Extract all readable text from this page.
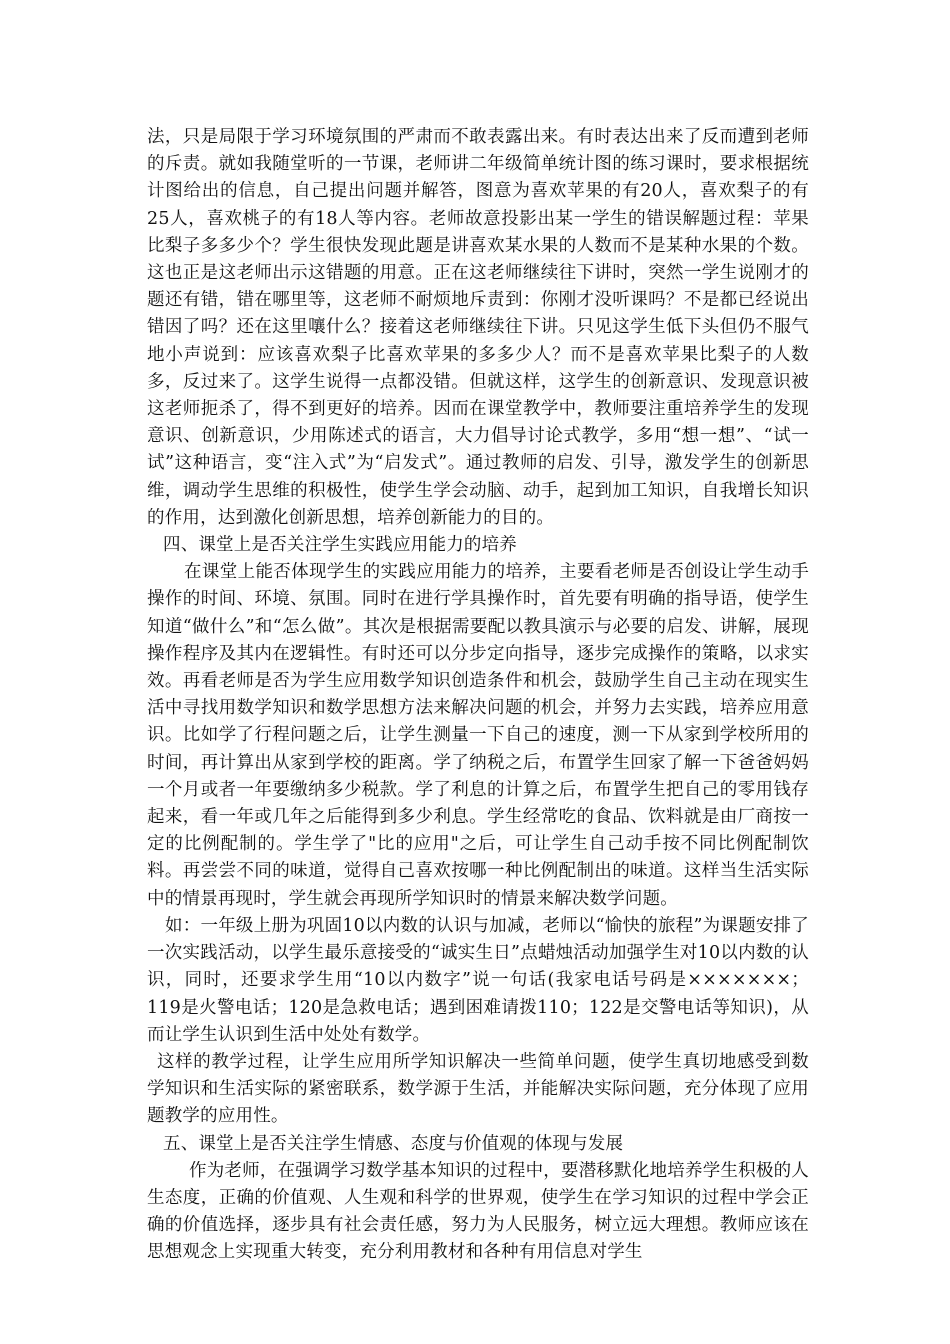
法，只是局限于学习环境氛围的严肃而不敢表露出来。有时表达出来了反而遭到老师的斥责。就如我随堂听的一节课，老师讲二年级简单统计图的练习课时，要求根据统计图给出的信息，自己提出问题并解答，图意为喜欢苹果的有20人，喜欢梨子的有25人，喜欢桃子的有18人等内容。老师故意投影出某一学生的错误解题过程：苹果比梨子多多少个？学生很快发现此题是讲喜欢某水果的人数而不是某种水果的个数。这也正是这老师出示这错题的用意。正在这老师继续往下讲时，突然一学生说刚才的题还有错，错在哪里等，这老师不耐烦地斥责到：你刚才没听课吗？不是都已经说出错因了吗？还在这里嚷什么？接着这老师继续往下讲。只见这学生低下头但仍不服气地小声说到：应该喜欢梨子比喜欢苹果的多多少人？而不是喜欢苹果比梨子的人数多，反过来了。这学生说得一点都没错。但就这样，这学生的创新意识、发现意识被这老师扼杀了，得不到更好的培养。因而在课堂教学中，教师要注重培养学生的发现意识、创新意识，少用陈述式的语言，大力倡导讨论式教学，多用“想一想”、“试一试”这种语言，变“注入式”为“启发式”。通过教师的启发、引导，激发学生的创新思维，调动学生思维的积极性，使学生学会动脑、动手，起到加工知识，自我增长知识的作用，达到激化创新思想，培养创新能力的目的。

四、课堂上是否关注学生实践应用能力的培养

在课堂上能否体现学生的实践应用能力的培养，主要看老师是否创设让学生动手操作的时间、环境、氛围。同时在进行学具操作时，首先要有明确的指导语，使学生知道“做什么”和“怎么做”。其次是根据需要配以教具演示与必要的启发、讲解，展现操作程序及其内在逻辑性。有时还可以分步定向指导，逐步完成操作的策略，以求实效。再看老师是否为学生应用数学知识创造条件和机会，鼓励学生自己主动在现实生活中寻找用数学知识和数学思想方法来解决问题的机会，并努力去实践，培养应用意识。比如学了行程问题之后，让学生测量一下自己的速度，测一下从家到学校所用的时间，再计算出从家到学校的距离。学了纳税之后，布置学生回家了解一下爸爸妈妈一个月或者一年要缴纳多少税款。学了利息的计算之后，布置学生把自己的零用钱存起来，看一年或几年之后能得到多少利息。学生经常吃的食品、饮料就是由厂商按一定的比例配制的。学生学了"比的应用"之后，可让学生自己动手按不同比例配制饮料。再尝尝不同的味道，觉得自己喜欢按哪一种比例配制出的味道。这样当生活实际中的情景再现时，学生就会再现所学知识时的情景来解决数学问题。

如：一年级上册为巩固10以内数的认识与加减，老师以“愉快的旅程”为课题安排了一次实践活动，以学生最乐意接受的“诚实生日”点蜡烛活动加强学生对10以内数的认识，同时，还要求学生用“10以内数字”说一句话(我家电话号码是×××××××；119是火警电话；120是急救电话；遇到困难请拨110；122是交警电话等知识)，从而让学生认识到生活中处处有数学。

这样的教学过程，让学生应用所学知识解决一些简单问题，使学生真切地感受到数学知识和生活实际的紧密联系，数学源于生活，并能解决实际问题，充分体现了应用题教学的应用性。

五、课堂上是否关注学生情感、态度与价值观的体现与发展

作为老师，在强调学习数学基本知识的过程中，要潜移默化地培养学生积极的人生态度，正确的价值观、人生观和科学的世界观，使学生在学习知识的过程中学会正确的价值选择，逐步具有社会责任感，努力为人民服务，树立远大理想。教师应该在思想观念上实现重大转变，充分利用教材和各种有用信息对学生
